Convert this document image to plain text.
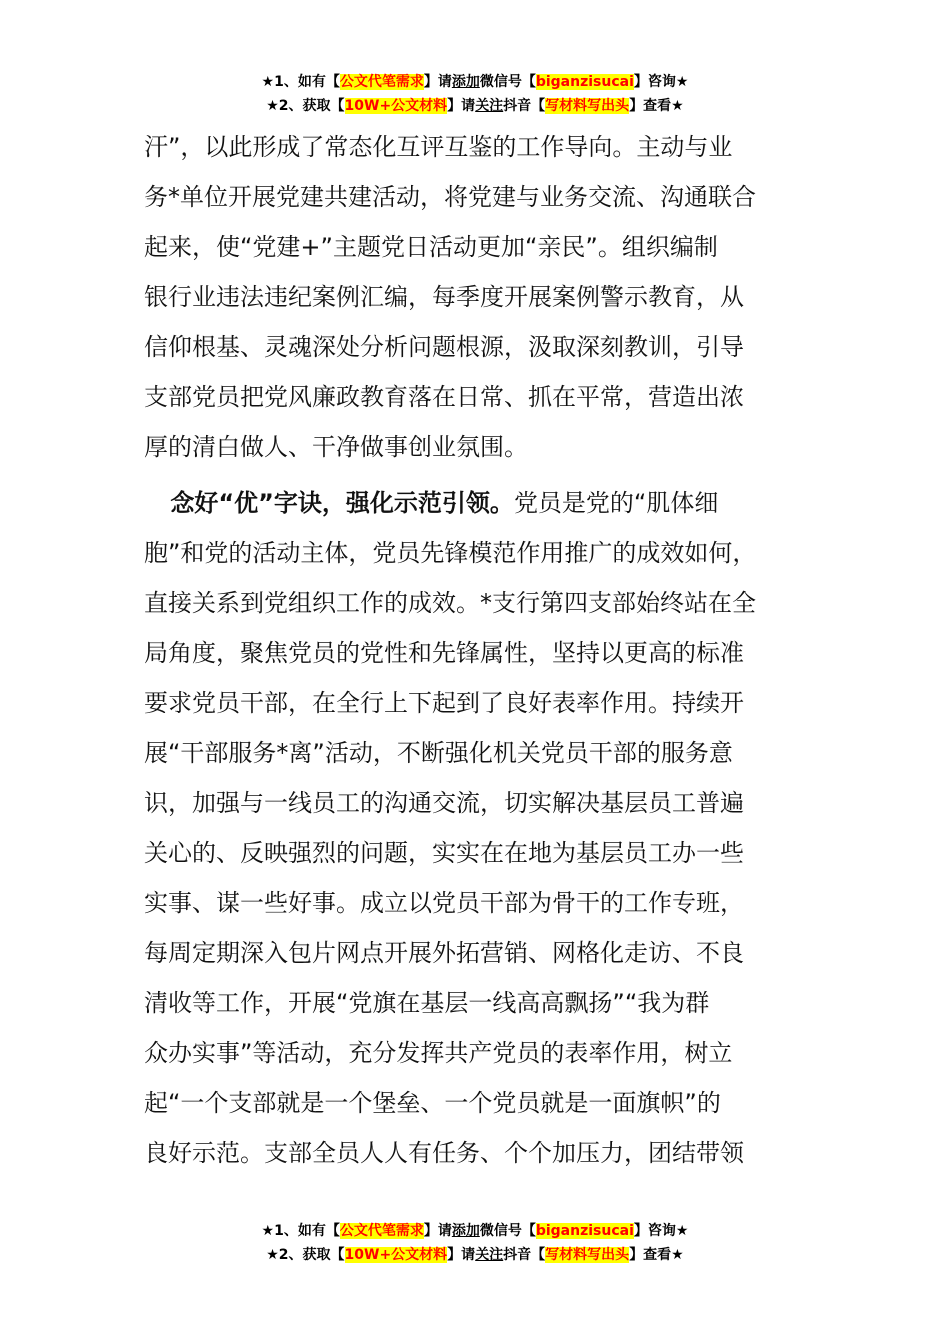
★1、如有【公文代笔需求】请添加微信号【biganzisucai】咨询★
★2、获取【10W+公文材料】请关注抖音【写材料写出头】查看★
汗”，以此形成了常态化互评互鉴的工作导向。主动与业
务*单位开展党建共建活动，将党建与业务交流、沟通联合
起来，使“党建+”主题党日活动更加“亲民”。组织编制
银行业违法违纪案例汇编，每季度开展案例警示教育，从
信仰根基、灵魂深处分析问题根源，汲取深刻教训，引导
支部党员把党风廉政教育落在日常、抓在平常，营造出浓
厚的清白做人、干净做事创业氛围。
　 念好“优”字诀，强化示范引领。党员是党的“肌体细
胞”和党的活动主体，党员先锋模范作用推广的成效如何，
直接关系到党组织工作的成效。*支行第四支部始终站在全
局角度，聚焦党员的党性和先锋属性，坚持以更高的标准
要求党员干部，在全行上下起到了良好表率作用。持续开
展“干部服务*离”活动，不断强化机关党员干部的服务意
识，加强与一线员工的沟通交流，切实解决基层员工普遍
关心的、反映强烈的问题，实实在在地为基层员工办一些
实事、谋一些好事。成立以党员干部为骨干的工作专班，
每周定期深入包片网点开展外拓营销、网格化走访、不良
清收等工作，开展“党旗在基层一线高高飘扬”“我为群
众办实事”等活动，充分发挥共产党员的表率作用，树立
起“一个支部就是一个堡垒、一个党员就是一面旗帜”的
良好示范。支部全员人人有任务、个个加压力，团结带领
★1、如有【公文代笔需求】请添加微信号【biganzisucai】咨询★
★2、获取【10W+公文材料】请关注抖音【写材料写出头】查看★
